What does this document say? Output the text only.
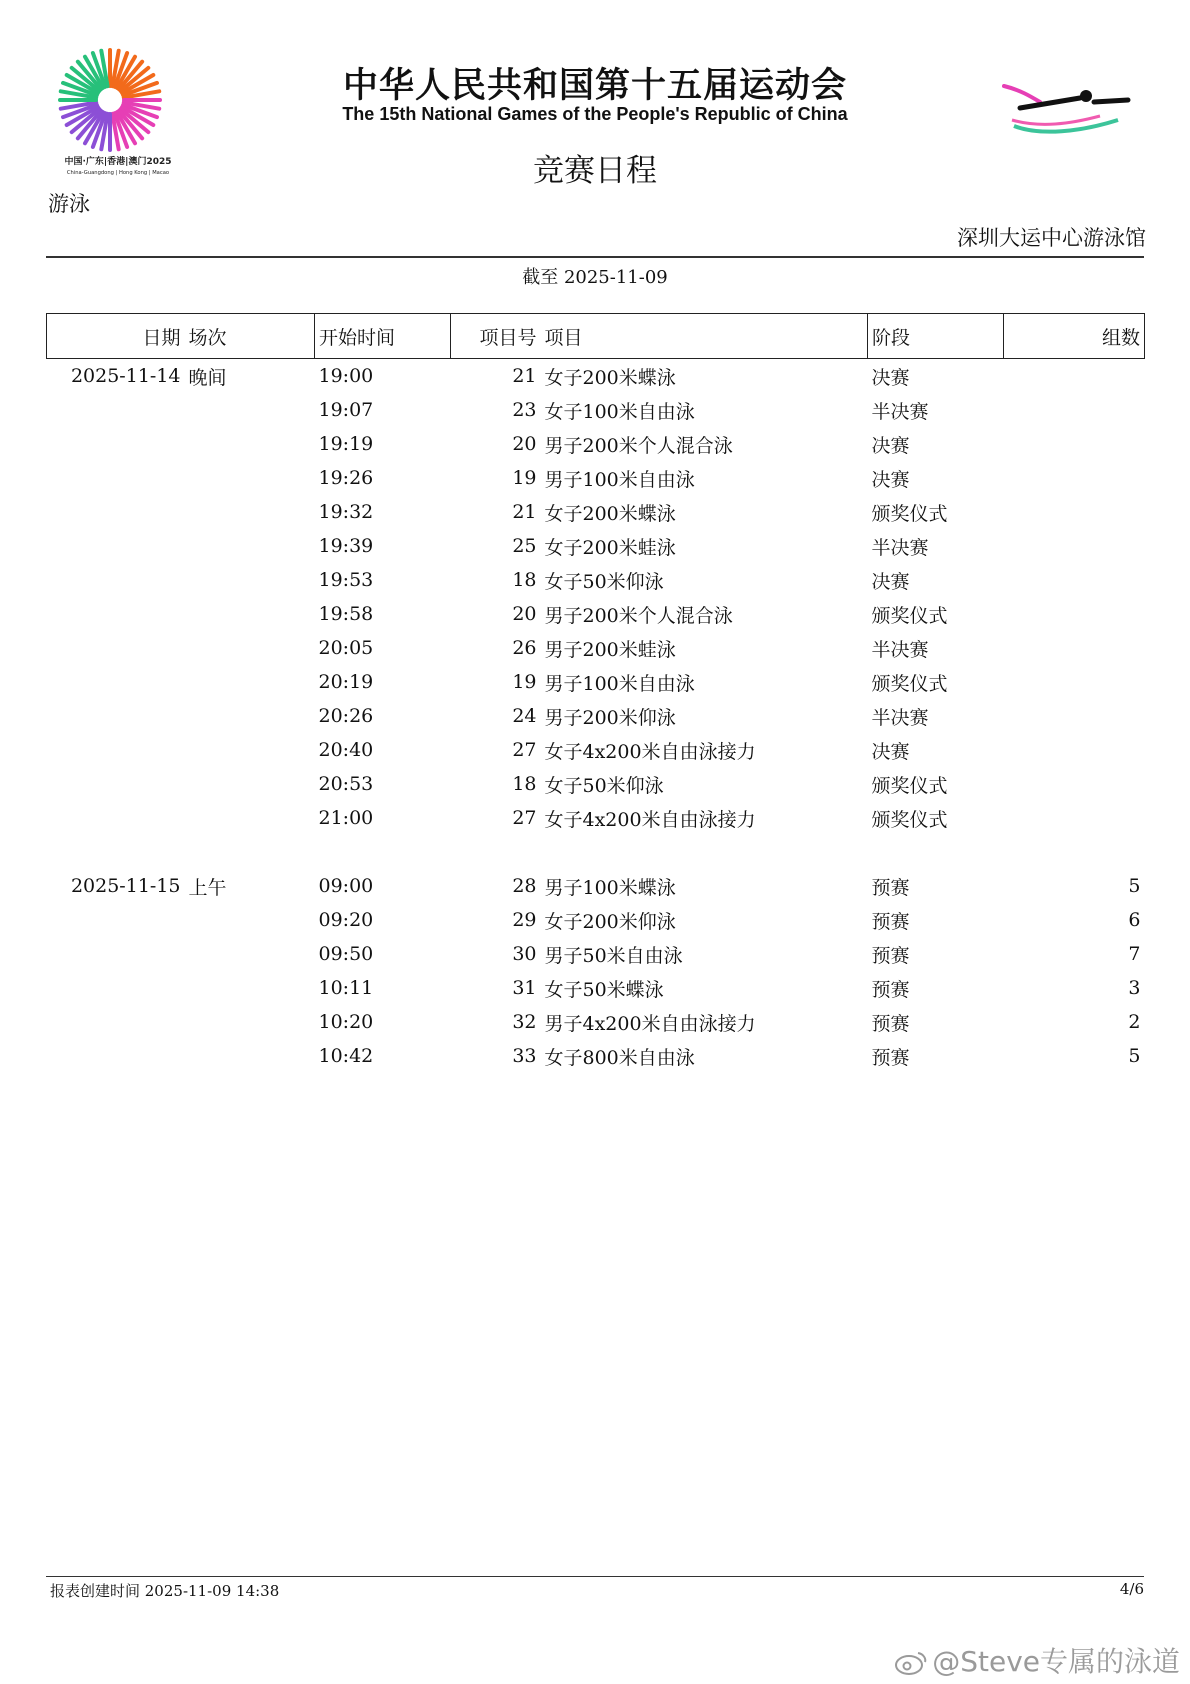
中国·广东|香港|澳门2025
China-Guangdong | Hong Kong | Macao
中华人民共和国第十五届运动会
The 15th National Games of the People's Republic of China
竞赛日程
游泳
深圳大运中心游泳馆
截至 2025-11-09
日期	场次	开始时间	项目号	项目	阶段	组数
2025-11-14	晚间	19:00	21	女子200米蝶泳	决赛	
		19:07	23	女子100米自由泳	半决赛	
		19:19	20	男子200米个人混合泳	决赛	
		19:26	19	男子100米自由泳	决赛	
		19:32	21	女子200米蝶泳	颁奖仪式	
		19:39	25	女子200米蛙泳	半决赛	
		19:53	18	女子50米仰泳	决赛	
		19:58	20	男子200米个人混合泳	颁奖仪式	
		20:05	26	男子200米蛙泳	半决赛	
		20:19	19	男子100米自由泳	颁奖仪式	
		20:26	24	男子200米仰泳	半决赛	
		20:40	27	女子4x200米自由泳接力	决赛	
		20:53	18	女子50米仰泳	颁奖仪式	
		21:00	27	女子4x200米自由泳接力	颁奖仪式	

2025-11-15	上午	09:00	28	男子100米蝶泳	预赛	5
		09:20	29	女子200米仰泳	预赛	6
		09:50	30	男子50米自由泳	预赛	7
		10:11	31	女子50米蝶泳	预赛	3
		10:20	32	男子4x200米自由泳接力	预赛	2
		10:42	33	女子800米自由泳	预赛	5
报表创建时间 2025-11-09 14:38	4/6
@Steve专属的泳道
